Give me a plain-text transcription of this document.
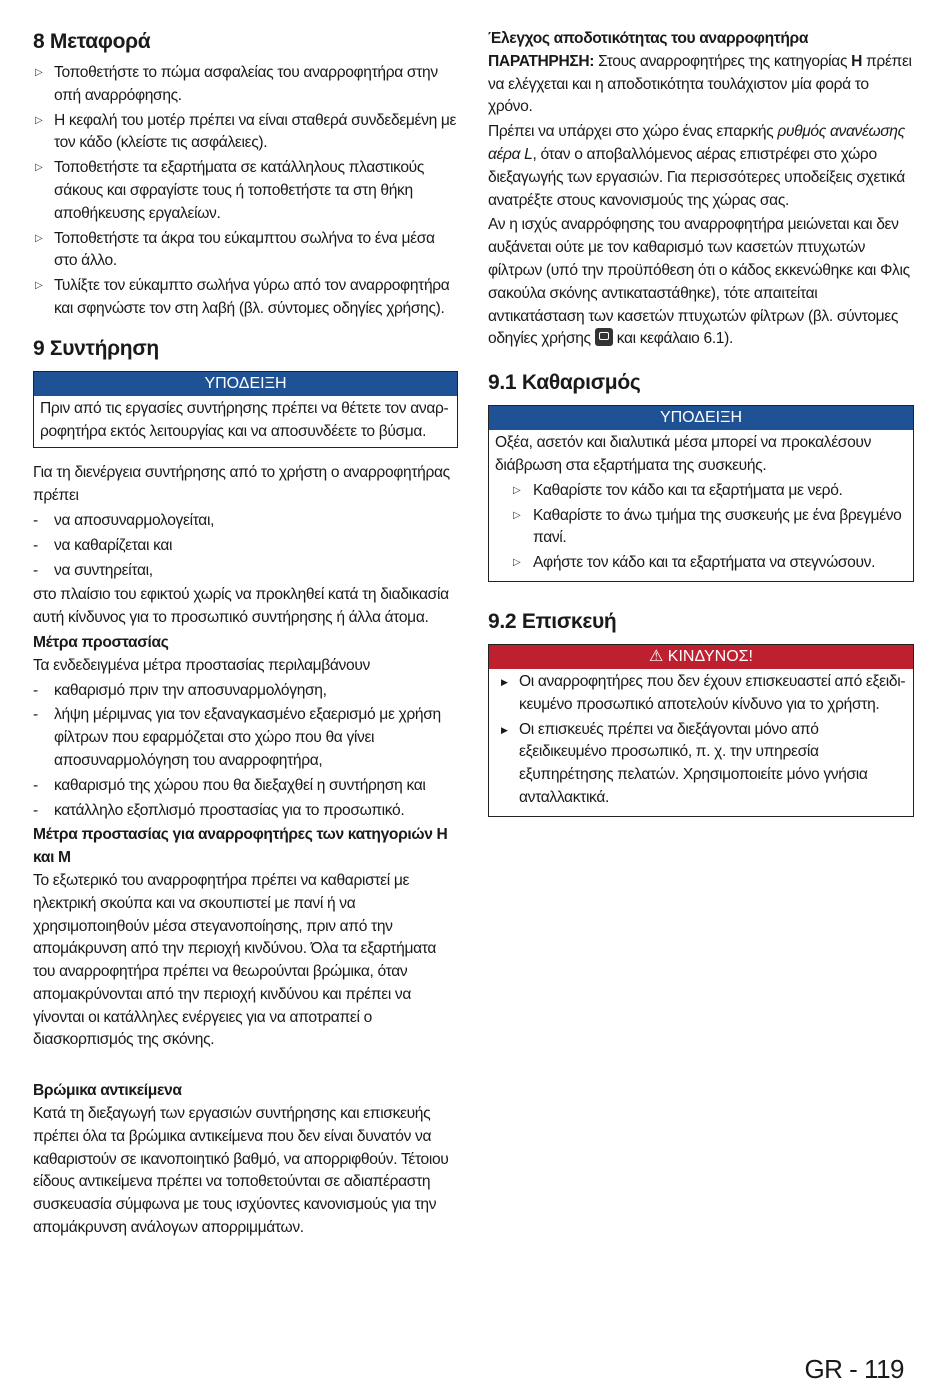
8 Μεταφορά
▷ Τοποθετήστε το πώμα ασφαλείας του αναρροφητήρα στην οπή αναρρόφησης.
▷ Η κεφαλή του μοτέρ πρέπει να είναι σταθερά συνδεδεμένη με τον κάδο (κλείστε τις ασφάλειες).
▷ Τοποθετήστε τα εξαρτήματα σε κατάλληλους πλαστικούς σάκους και σφραγίστε τους ή τοποθετήστε τα στη θήκη αποθήκευσης εργαλείων.
▷ Τοποθετήστε τα άκρα του εύκαμπτου σωλήνα το ένα μέσα στο άλλο.
▷ Τυλίξτε τον εύκαμπτο σωλήνα γύρω από τον αναρροφητήρα και σφηνώστε τον στη λαβή (βλ. σύντομες οδηγίες χρήσης).
9 Συντήρηση
ΥΠΟΔΕΙΞΗ
Πριν από τις εργασίες συντήρησης πρέπει να θέτετε τον αναρροφητήρα εκτός λειτουργίας και να αποσυνδέετε το βύσμα.

Για τη διενέργεια συντήρησης από το χρήστη ο αναρροφητήρας πρέπει

- να αποσυναρμολογείται,
- να καθαρίζεται και
- να συντηρείται,

στο πλαίσιο του εφικτού χωρίς να προκληθεί κατά τη διαδικασία αυτή κίνδυνος για το προσωπικό συντήρησης ή άλλα άτομα.

Μέτρα προστασίας

Τα ενδεδειγμένα μέτρα προστασίας περιλαμβάνουν

- καθαρισμό πριν την αποσυναρμολόγηση,
- λήψη μέριμνας για τον εξαναγκασμένο εξαερισμό με χρήση φίλτρων που εφαρμόζεται στο χώρο που θα γίνει αποσυναρμολόγηση του αναρροφητήρα,
- καθαρισμό της χώρου που θα διεξαχθεί η συντήρηση και
- κατάλληλο εξοπλισμό προστασίας για το προσωπικό.
Μέτρα προστασίας για αναρροφητήρες των κατηγοριών H και M

Το εξωτερικό του αναρροφητήρα πρέπει να καθαριστεί με ηλεκτρική σκούπα και να σκουπιστεί με πανί ή να χρησιμοποιηθούν μέσα στεγανοποίησης, πριν από την απομάκρυνση από την περιοχή κινδύνου. Όλα τα εξαρτήματα του αναρροφητήρα πρέπει να θεωρούνται βρώμικα, όταν απομακρύνονται από την περιοχή κινδύνου και πρέπει να γίνονται οι κατάλληλες ενέργειες για να αποτραπεί ο διασκορπισμός της σκόνης.

Βρώμικα αντικείμενα

Κατά τη διεξαγωγή των εργασιών συντήρησης και επισκευής πρέπει όλα τα βρώμικα αντικείμενα που δεν είναι δυνατόν να καθαριστούν σε ικανοποιητικό βαθμό, να απορριφθούν. Τέτοιου είδους αντικείμενα πρέπει να τοποθετούνται σε αδιαπέραστη συσκευασία σύμφωνα με τους ισχύοντες κανονισμούς για την απομάκρυνση ανάλογων απορριμμάτων.

Έλεγχος αποδοτικότητας του αναρροφητήρα

ΠΑΡΑΤΗΡΗΣΗ: Στους αναρροφητήρες της κατηγορίας H πρέπει να ελέγχεται και η αποδοτικότητα τουλάχιστον μία φορά το χρόνο.

Πρέπει να υπάρχει στο χώρο ένας επαρκής ρυθμός ανανέωσης αέρα L, όταν ο αποβαλλόμενος αέρας επιστρέφει στο χώρο διεξαγωγής των εργασιών. Για περισσότερες υποδείξεις σχετικά ανατρέξτε στους κανονισμούς της χώρας σας.

Αν η ισχύς αναρρόφησης του αναρροφητήρα μειώνεται και δεν αυξάνεται ούτε με τον καθαρισμό των κασετών πτυχωτών φίλτρων (υπό την προϋπόθεση ότι ο κάδος εκκενώθηκε και Φλις σακούλα σκόνης αντικαταστάθηκε), τότε απαιτείται αντικατάσταση των κασετών πτυχωτών φίλτρων (βλ. σύντομες οδηγίες χρήσης
και κεφάλαιο 6.1).

9.1 Καθαρισμός
ΥΠΟΔΕΙΞΗ

Οξέα, ασετόν και διαλυτικά μέσα μπορεί να προκαλέσουν διάβρωση στα εξαρτήματα της συσκευής.

▷ Καθαρίστε τον κάδο και τα εξαρτήματα με νερό.
▷ Καθαρίστε το άνω τμήμα της συσκευής με ένα βρεγμένο πανί.
▷ Αφήστε τον κάδο και τα εξαρτήματα να στεγνώσουν.
9.2 Επισκευή
⚠ ΚΙΝΔΥΝΟΣ!
▶ Οι αναρροφητήρες που δεν έχουν επισκευαστεί από εξειδικευμένο προσωπικό αποτελούν κίνδυνο για το χρήστη.
▶ Οι επισκευές πρέπει να διεξάγονται μόνο από εξειδικευμένο προσωπικό, π. χ. την υπηρεσία εξυπηρέτησης πελατών. Χρησιμοποιείτε μόνο γνήσια ανταλλακτικά.
GR - 119
